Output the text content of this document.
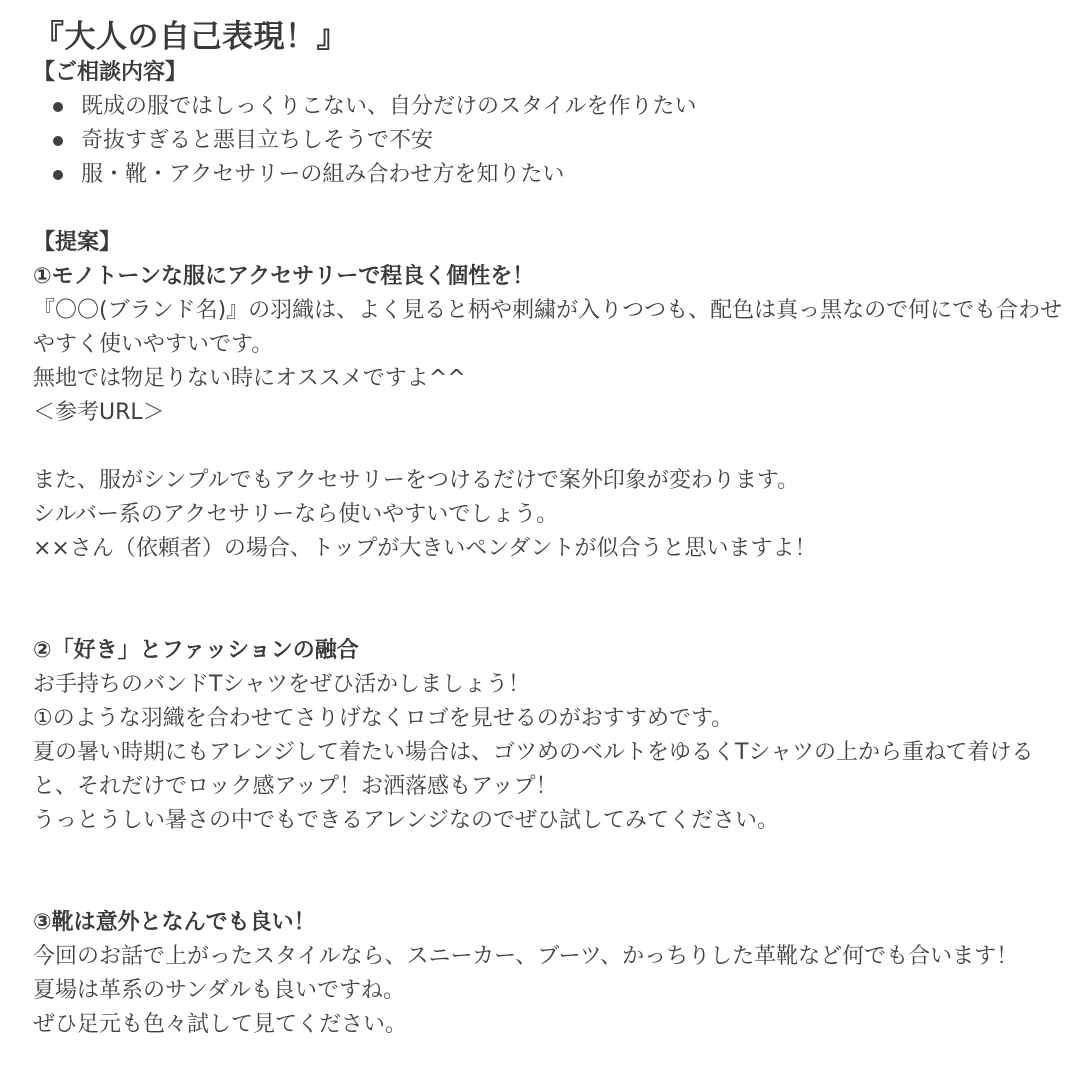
『大人の自己表現！』

【ご相談内容】

既成の服ではしっくりこない、自分だけのスタイルを作りたい
奇抜すぎると悪目立ちしそうで不安
服・靴・アクセサリーの組み合わせ方を知りたい

【提案】

①モノトーンな服にアクセサリーで程良く個性を！

『〇〇(ブランド名)』の羽織は、よく見ると柄や刺繍が入りつつも、配色は真っ黒なので何にでも合わせやすく使いやすいです。

無地では物足りない時にオススメですよ^^

＜参考URL＞

また、服がシンプルでもアクセサリーをつけるだけで案外印象が変わります。

シルバー系のアクセサリーなら使いやすいでしょう。

××さん（依頼者）の場合、トップが大きいペンダントが似合うと思いますよ！

②「好き」とファッションの融合

お手持ちのバンドTシャツをぜひ活かしましょう！

①のような羽織を合わせてさりげなくロゴを見せるのがおすすめです。

夏の暑い時期にもアレンジして着たい場合は、ゴツめのベルトをゆるくTシャツの上から重ねて着けると、それだけでロック感アップ！お洒落感もアップ！

うっとうしい暑さの中でもできるアレンジなのでぜひ試してみてください。

③靴は意外となんでも良い！

今回のお話で上がったスタイルなら、スニーカー、ブーツ、かっちりした革靴など何でも合います！

夏場は革系のサンダルも良いですね。

ぜひ足元も色々試して見てください。
